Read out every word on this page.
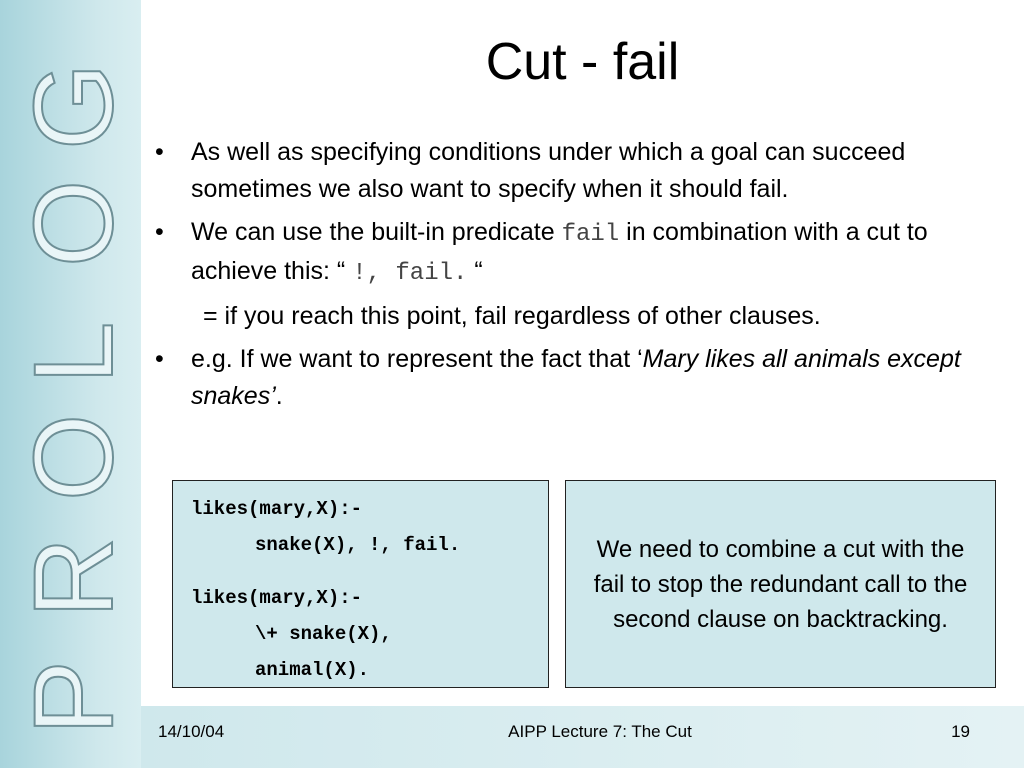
P
R
O
L
O
G
Cut - fail
• As well as specifying conditions under which a goal can succeed sometimes we also want to specify when it should fail.
• We can use the built-in predicate fail in combination with a cut to achieve this: “ !, fail. “
= if you reach this point, fail regardless of other clauses.
• e.g. If we want to represent the fact that ‘Mary likes all animals except snakes’.
likes(mary,X):-
snake(X), !, fail.
likes(mary,X):-
\+ snake(X),
animal(X).
We need to combine a cut with the fail to stop the redundant call to the second clause on backtracking.
14/10/04	AIPP Lecture 7: The Cut	19
